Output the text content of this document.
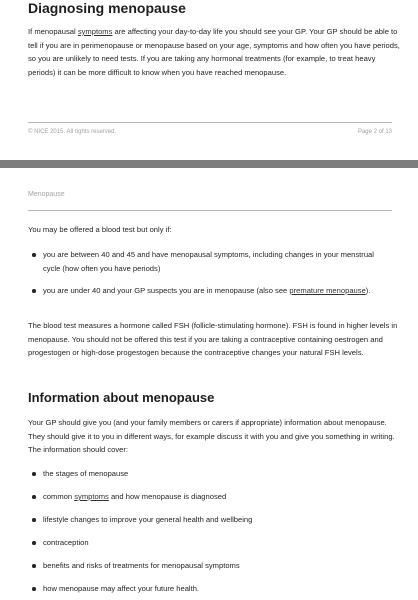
Diagnosing menopause

If menopausal symptoms are affecting your day-to-day life you should see your GP. Your GP should be able to tell if you are in perimenopause or menopause based on your age, symptoms and how often you have periods, so you are unlikely to need tests. If you are taking any hormonal treatments (for example, to treat heavy periods) it can be more difficult to know when you have reached menopause.

© NICE 2015. All rights reserved.	Page 2 of 13
Menopause

You may be offered a blood test but only if:

you are between 40 and 45 and have menopausal symptoms, including changes in your menstrual cycle (how often you have periods)
you are under 40 and your GP suspects you are in menopause (also see premature menopause).

The blood test measures a hormone called FSH (follicle-stimulating hormone). FSH is found in higher levels in menopause. You should not be offered this test if you are taking a contraceptive containing oestrogen and progestogen or high-dose progestogen because the contraceptive changes your natural FSH levels.

Information about menopause

Your GP should give you (and your family members or carers if appropriate) information about menopause. They should give it to you in different ways, for example discuss it with you and give you something in writing. The information should cover:

the stages of menopause
common symptoms and how menopause is diagnosed
lifestyle changes to improve your general health and wellbeing
contraception
benefits and risks of treatments for menopausal symptoms
how menopause may affect your future health.
